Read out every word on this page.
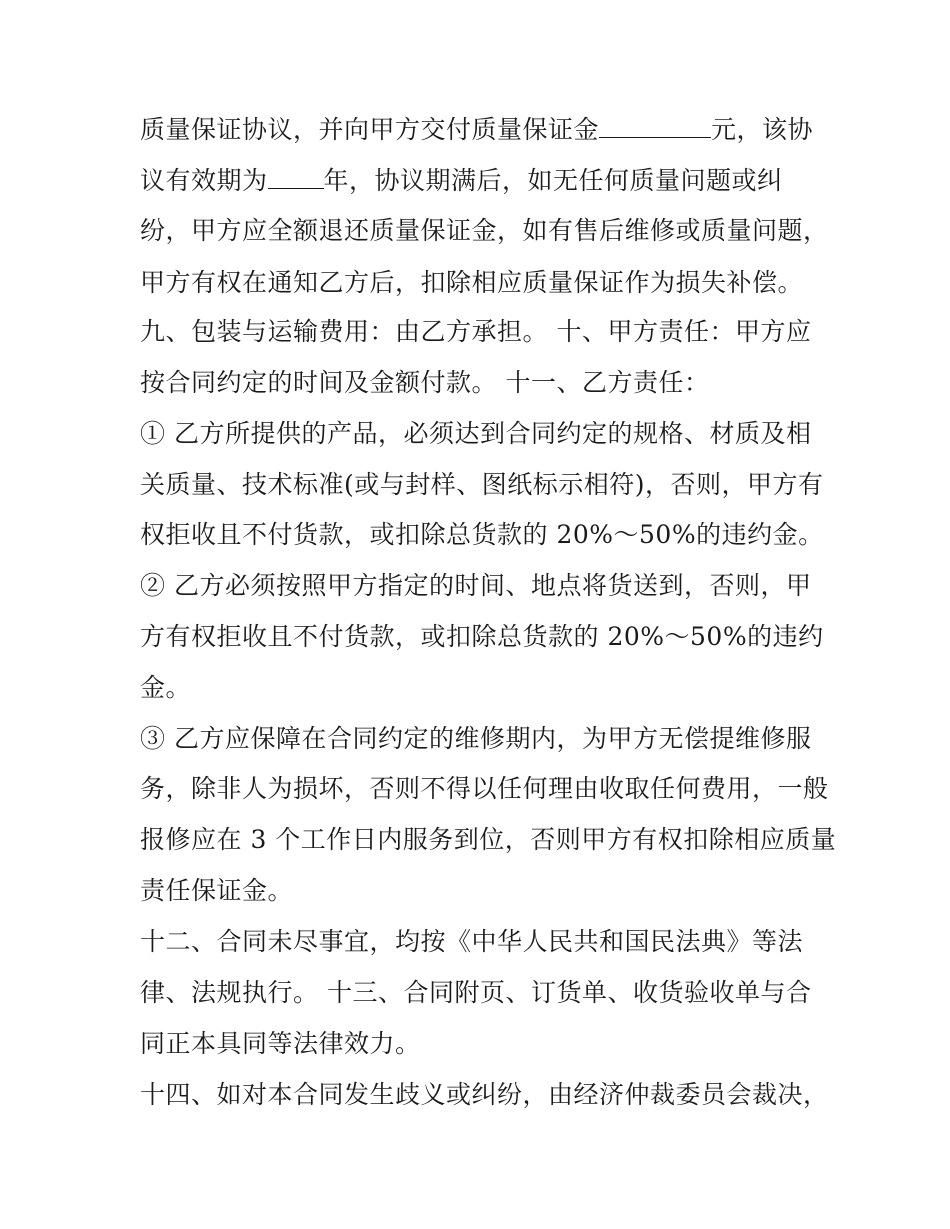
质量保证协议，并向甲方交付质量保证金	元，该协
议有效期为 年，协议期满后，如无任何质量问题或纠
纷，甲方应全额退还质量保证金，如有售后维修或质量问题，
甲方有权在通知乙方后，扣除相应质量保证作为损失补偿。
九、包装与运输费用：由乙方承担。 十、甲方责任：甲方应
按合同约定的时间及金额付款。 十一、乙方责任：
① 乙方所提供的产品，必须达到合同约定的规格、材质及相
关质量、技术标准(或与封样、图纸标示相符)，否则，甲方有
权拒收且不付货款，或扣除总货款的 20%～50%的违约金。
② 乙方必须按照甲方指定的时间、地点将货送到，否则，甲
方有权拒收且不付货款，或扣除总货款的 20%～50%的违约
金。
③ 乙方应保障在合同约定的维修期内，为甲方无偿提维修服
务，除非人为损坏，否则不得以任何理由收取任何费用，一般
报修应在 3 个工作日内服务到位，否则甲方有权扣除相应质量
责任保证金。
十二、合同未尽事宜，均按《中华人民共和国民法典》等法
律、法规执行。 十三、合同附页、订货单、收货验收单与合
同正本具同等法律效力。
十四、如对本合同发生歧义或纠纷，由经济仲裁委员会裁决，
